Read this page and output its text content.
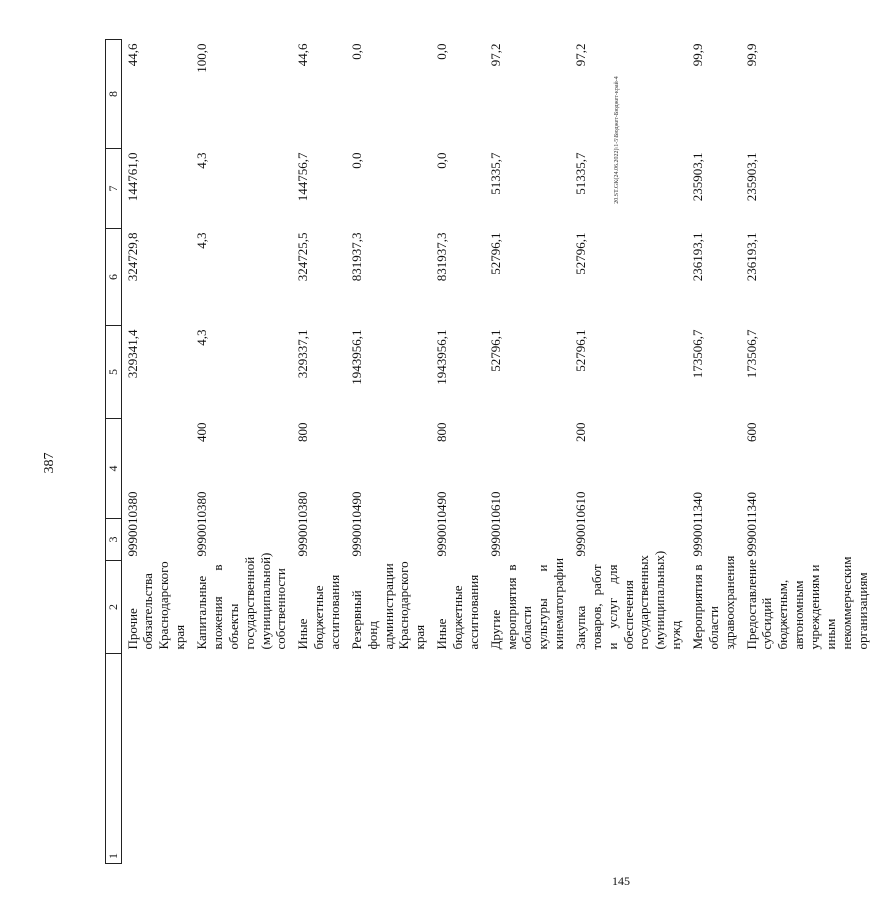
387
20.ST.GK(24.06.2022)\1-5\Бюджет-Бюджет-край-4
145
1	2	3	4	5	6	7	8
	Прочие обязательства Краснодарского края	9990010380		329341,4	324729,8	144761,0	44,6
	Капитальные вложения в объекты государственной (муниципальной) собственности	9990010380	400	4,3	4,3	4,3	100,0
	Иные бюджетные ассигнования	9990010380	800	329337,1	324725,5	144756,7	44,6
	Резервный фонд администрации Краснодарского края	9990010490		1943956,1	831937,3	0,0	0,0
	Иные бюджетные ассигнования	9990010490	800	1943956,1	831937,3	0,0	0,0
	Другие мероприятия в области культуры и кинематографии	9990010610		52796,1	52796,1	51335,7	97,2
	Закупка товаров, работ и услуг для обеспечения государственных (муниципальных) нужд	9990010610	200	52796,1	52796,1	51335,7	97,2
	Мероприятия в области здравоохранения	9990011340		173506,7	236193,1	235903,1	99,9
	Предоставление субсидий бюджетным, автономным учреждениям и иным некоммерческим организациям	9990011340	600	173506,7	236193,1	235903,1	99,9
